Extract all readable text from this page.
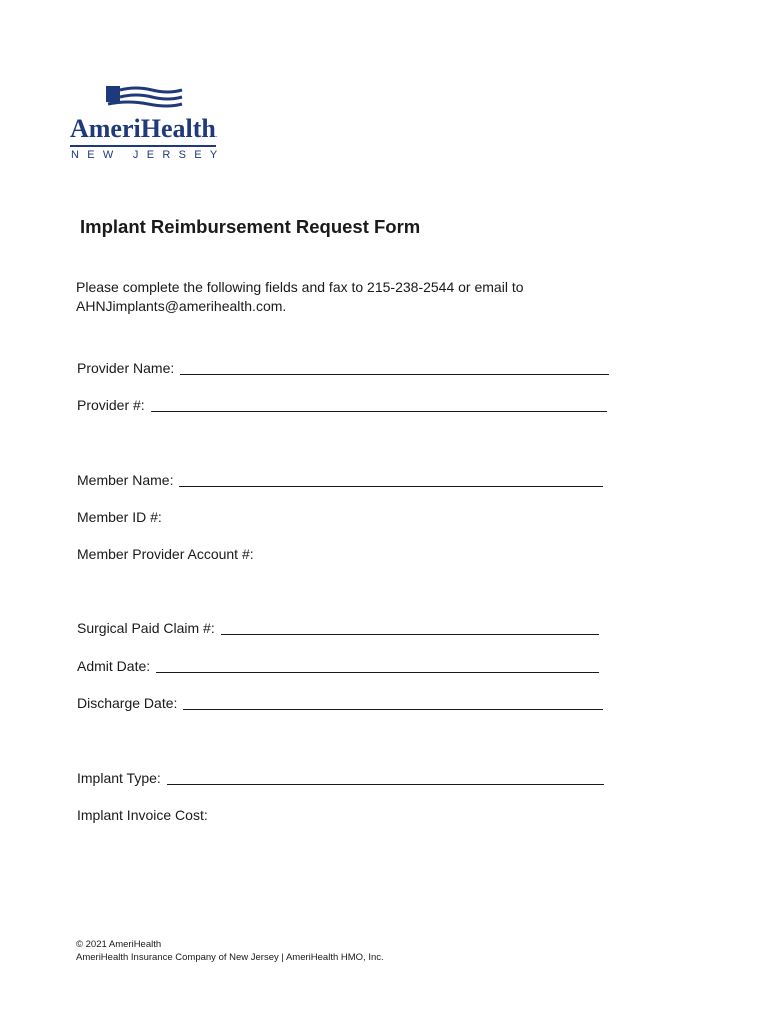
AmeriHealth.
NEW JERSEY
Implant Reimbursement Request Form
Please complete the following fields and fax to 215-238-2544 or email to AHNJimplants@amerihealth.com.
Provider Name:
Provider #:
Member Name:
Member ID #:
Member Provider Account #:
Surgical Paid Claim #:
Admit Date:
Discharge Date:
Implant Type:
Implant Invoice Cost:
© 2021 AmeriHealth
AmeriHealth Insurance Company of New Jersey | AmeriHealth HMO, Inc.
